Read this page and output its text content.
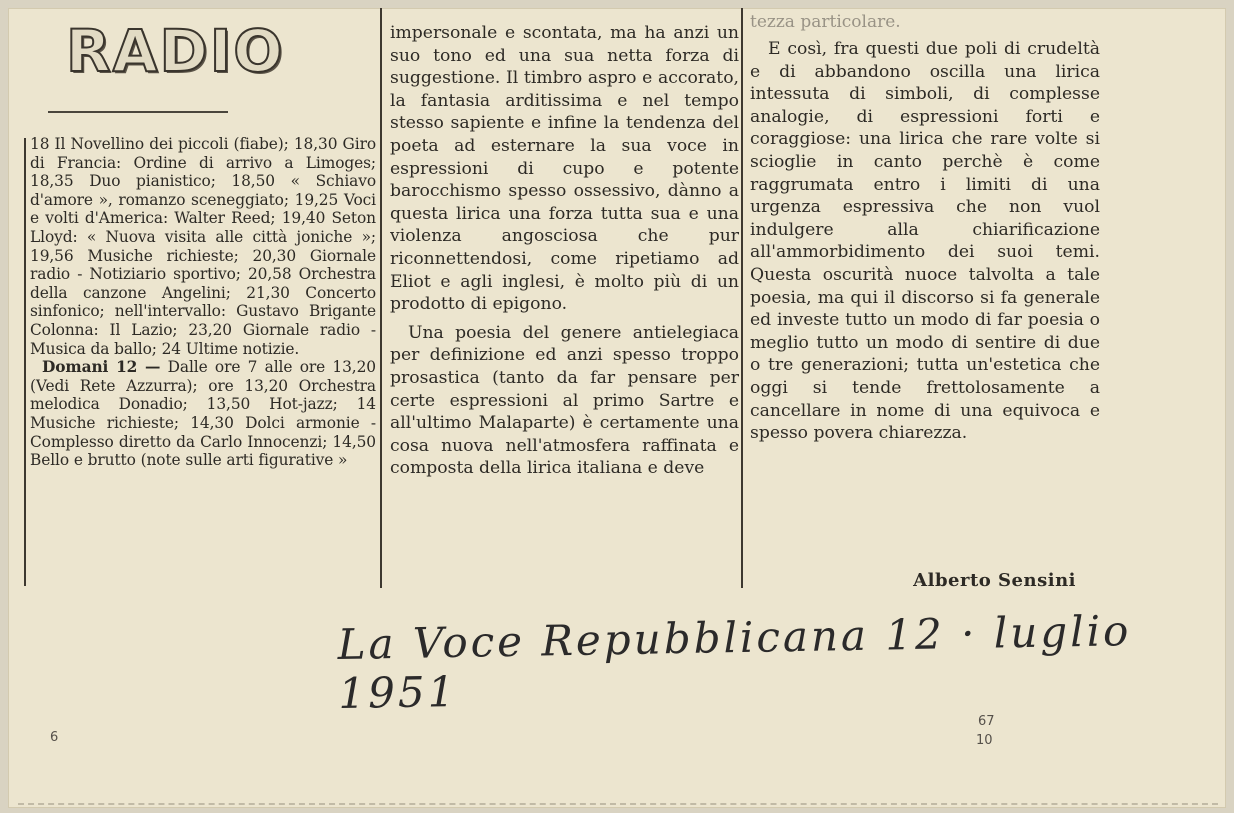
RADIO

18 Il Novellino dei piccoli (fiabe); 18,30 Giro di Francia: Ordine di arrivo a Limoges; 18,35 Duo pianistico; 18,50 « Schiavo d'amore », romanzo sceneggiato; 19,25 Voci e volti d'America: Walter Reed; 19,40 Seton Lloyd: « Nuova visita alle città joniche »; 19,56 Musiche richieste; 20,30 Giornale radio - Notiziario sportivo; 20,58 Orchestra della canzone Angelini; 21,30 Concerto sinfonico; nell'intervallo: Gustavo Brigante Colonna: Il Lazio; 23,20 Giornale radio - Musica da ballo; 24 Ultime notizie.

Domani 12 — Dalle ore 7 alle ore 13,20 (Vedi Rete Azzurra); ore 13,20 Orchestra melodica Donadio; 13,50 Hot-jazz; 14 Musiche richieste; 14,30 Dolci armonie - Complesso diretto da Carlo Innocenzi; 14,50 Bello e brutto (note sulle arti figurative »

impersonale e scontata, ma ha anzi un suo tono ed una sua netta forza di suggestione. Il timbro aspro e accorato, la fantasia arditissima e nel tempo stesso sapiente e infine la tendenza del poeta ad esternare la sua voce in espressioni di cupo e potente barocchismo spesso ossessivo, dànno a questa lirica una forza tutta sua e una violenza angosciosa che pur riconnettendosi, come ripetiamo ad Eliot e agli inglesi, è molto più di un prodotto di epigono.

Una poesia del genere antielegiaca per definizione ed anzi spesso troppo prosastica (tanto da far pensare per certe espressioni al primo Sartre e all'ultimo Malaparte) è certamente una cosa nuova nell'atmosfera raffinata e composta della lirica italiana e deve

tezza particolare.

E così, fra questi due poli di crudeltà e di abbandono oscilla una lirica intessuta di simboli, di complesse analogie, di espressioni forti e coraggiose: una lirica che rare volte si scioglie in canto perchè è come raggrumata entro i limiti di una urgenza espressiva che non vuol indulgere alla chiarificazione all'ammorbidimento dei suoi temi. Questa oscurità nuoce talvolta a tale poesia, ma qui il discorso si fa generale ed investe tutto un modo di far poesia o meglio tutto un modo di sentire di due o tre generazioni; tutta un'estetica che oggi si tende frettolosamente a cancellare in nome di una equivoca e spesso povera chiarezza.

Alberto Sensini
La Voce Repubblicana 12 · luglio 1951
6
67
10
